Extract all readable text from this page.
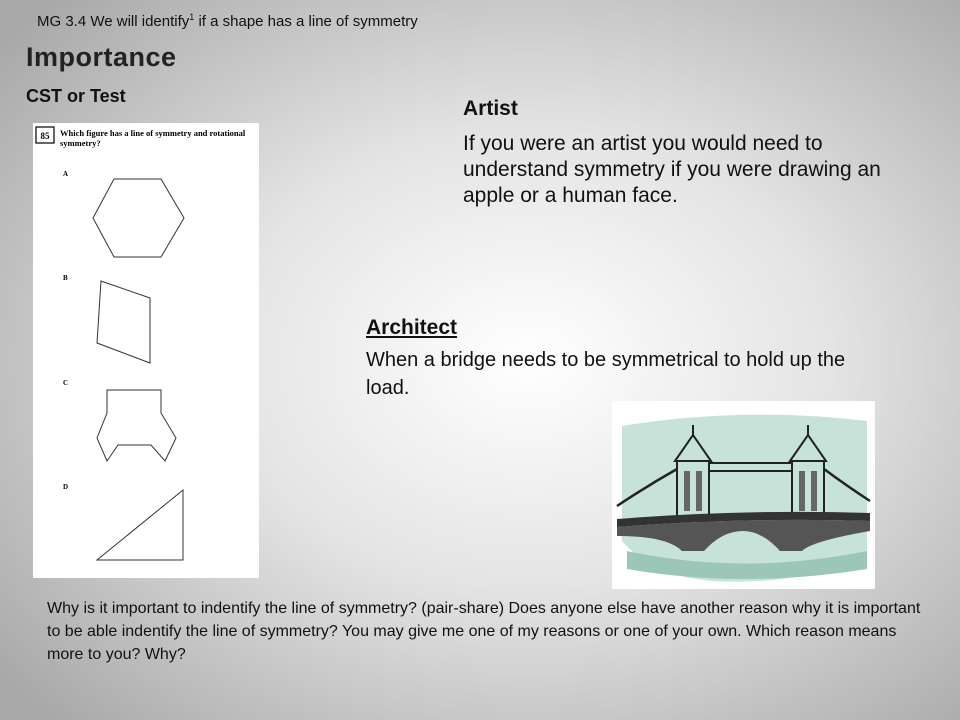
MG 3.4 We will identify$^1$ if a shape has a line of symmetry
Importance
CST or Test
85 Which figure has a line of symmetry and rotational symmetry?
A
B
C
D
Artist
If you were an artist you would need to understand symmetry if you were drawing an apple or a human face.
Architect
When a bridge needs to be symmetrical to hold up the load.
Why is it important to indentify the line of symmetry? (pair-share) Does anyone else have another reason why it is important to be able indentify the line of symmetry? You may give me one of my reasons or one of your own. Which reason means more to you? Why?
